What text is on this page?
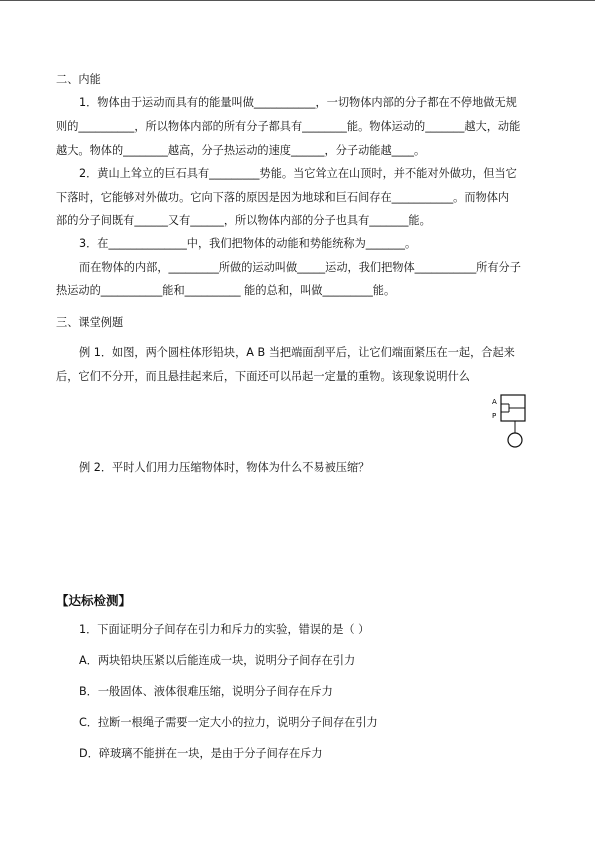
二、内能
1．物体由于运动而具有的能量叫做___________，一切物体内部的分子都在不停地做无规
则的__________，所以物体内部的所有分子都具有________能。物体运动的_______越大，动能
越大。物体的________越高，分子热运动的速度______，分子动能越____。
2．黄山上耸立的巨石具有_________势能。当它耸立在山顶时，并不能对外做功，但当它
下落时，它能够对外做功。它向下落的原因是因为地球和巨石间存在___________。而物体内
部的分子间既有______又有______，所以物体内部的分子也具有_______能。
3．在______________中，我们把物体的动能和势能统称为_______。
而在物体的内部，_________所做的运动叫做_____运动，我们把物体___________所有分子
热运动的___________能和__________ 能的总和，叫做_________能。
三、课堂例题
例 1．如图，两个圆柱体形铅块，A B 当把端面刮平后，让它们端面紧压在一起，合起来
后，它们不分开，而且悬挂起来后，下面还可以吊起一定量的重物。该现象说明什么
A
P
例 2．平时人们用力压缩物体时，物体为什么不易被压缩？
【达标检测】
1．下面证明分子间存在引力和斥力的实验，错误的是（ ）
A．两块铅块压紧以后能连成一块，说明分子间存在引力
B．一般固体、液体很难压缩，说明分子间存在斥力
C．拉断一根绳子需要一定大小的拉力，说明分子间存在引力
D．碎玻璃不能拼在一块，是由于分子间存在斥力
